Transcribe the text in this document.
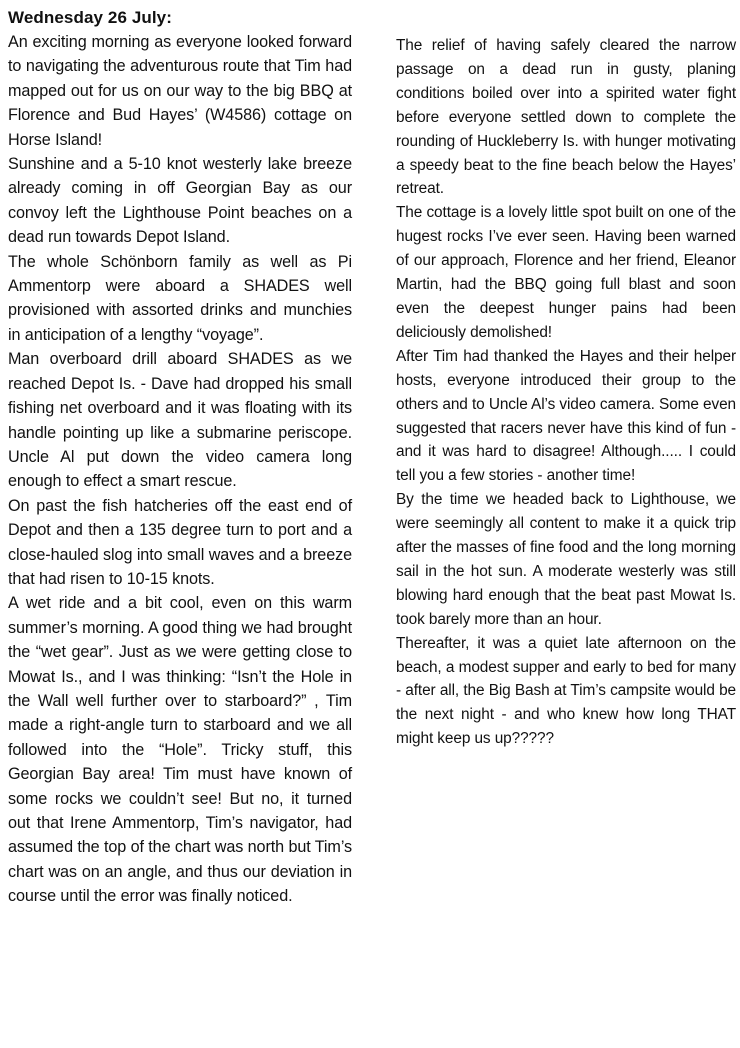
Wednesday 26 July:

An exciting morning as everyone looked forward to navigating the adventurous route that Tim had mapped out for us on our way to the big BBQ at Florence and Bud Hayes’ (W4586) cottage on Horse Island!

Sunshine and a 5-10 knot westerly lake breeze already coming in off Georgian Bay as our convoy left the Lighthouse Point beaches on a dead run towards Depot Island.

The whole Schönborn family as well as Pi Ammentorp were aboard a SHADES well provisioned with assorted drinks and munchies in anticipation of a lengthy “voyage”.

Man overboard drill aboard SHADES as we reached Depot Is. - Dave had dropped his small fishing net overboard and it was floating with its handle pointing up like a submarine periscope. Uncle Al put down the video camera long enough to effect a smart rescue.

On past the fish hatcheries off the east end of Depot and then a 135 degree turn to port and a close-hauled slog into small waves and a breeze that had risen to 10-15 knots.

A wet ride and a bit cool, even on this warm summer’s morning. A good thing we had brought the “wet gear”. Just as we were getting close to Mowat Is., and I was thinking: “Isn’t the Hole in the Wall well further over to starboard?” , Tim made a right-angle turn to starboard and we all followed into the “Hole”. Tricky stuff, this Georgian Bay area! Tim must have known of some rocks we couldn’t see! But no, it turned out that Irene Ammentorp, Tim’s navigator, had assumed the top of the chart was north but Tim’s chart was on an angle, and thus our deviation in course until the error was finally noticed.

The relief of having safely cleared the narrow passage on a dead run in gusty, planing conditions boiled over into a spirited water fight before everyone settled down to complete the rounding of Huckleberry Is. with hunger motivating a speedy beat to the fine beach below the Hayes’ retreat.

The cottage is a lovely little spot built on one of the hugest rocks I’ve ever seen. Having been warned of our approach, Florence and her friend, Eleanor Martin, had the BBQ going full blast and soon even the deepest hunger pains had been deliciously demolished!

After Tim had thanked the Hayes and their helper hosts, everyone introduced their group to the others and to Uncle Al’s video camera. Some even suggested that racers never have this kind of fun - and it was hard to disagree! Although..... I could tell you a few stories - another time!

By the time we headed back to Lighthouse, we were seemingly all content to make it a quick trip after the masses of fine food and the long morning sail in the hot sun. A moderate westerly was still blowing hard enough that the beat past Mowat Is. took barely more than an hour.

Thereafter, it was a quiet late afternoon on the beach, a modest supper and early to bed for many - after all, the Big Bash at Tim’s campsite would be the next night - and who knew how long THAT might keep us up?????
